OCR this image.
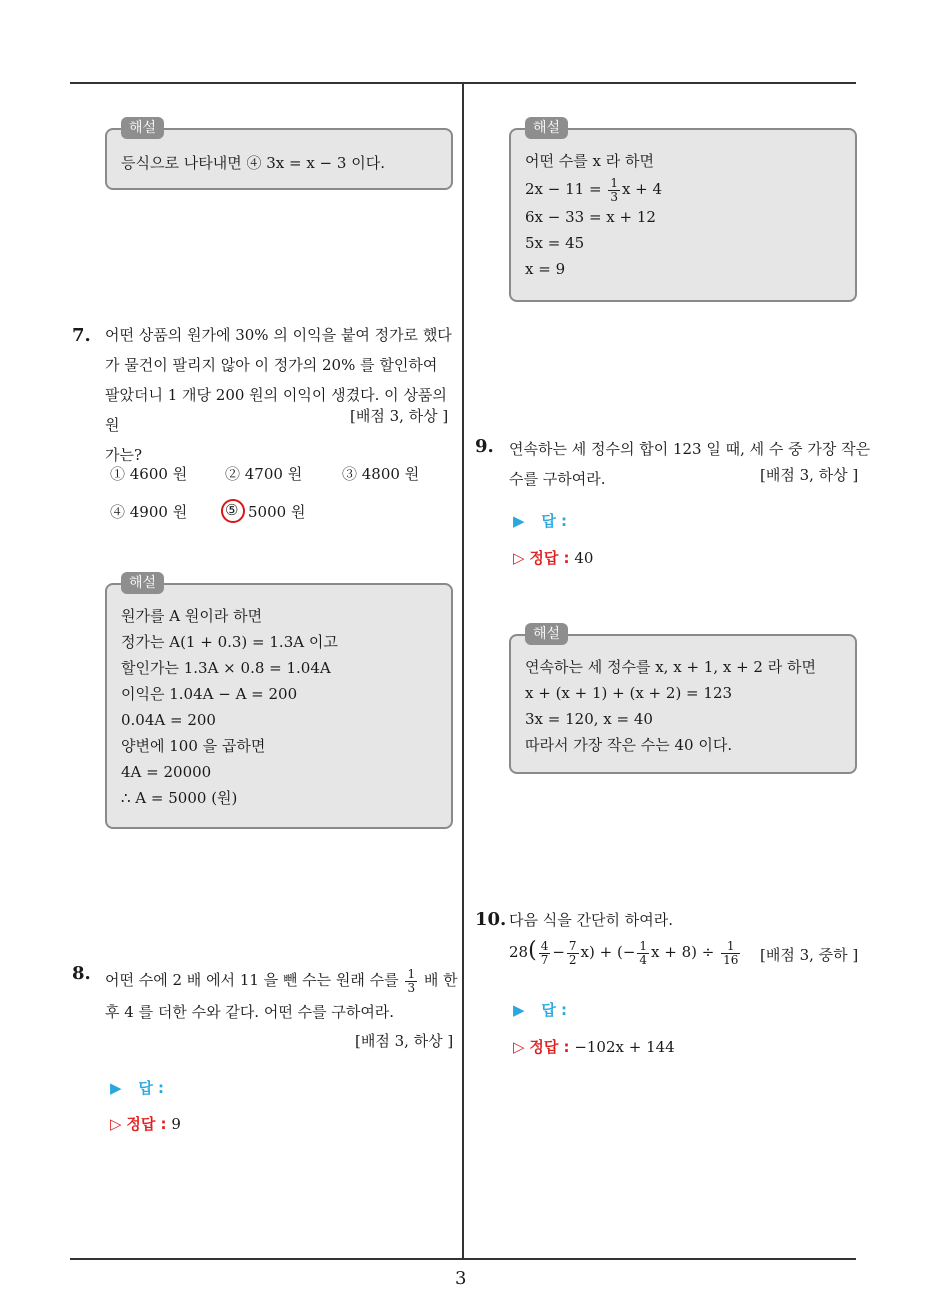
3
해설
등식으로 나타내면 ④ 3x = x − 3 이다.
7. 어떤 상품의 원가에 30% 의 이익을 붙여 정가로 했다
가 물건이 팔리지 않아 이 정가의 20% 를 할인하여
팔았더니 1 개당 200 원의 이익이 생겼다. 이 상품의 원
가는?
[배점 3, 하상 ]
① 4600 원	② 4700 원	③ 4800 원
④ 4900 원	⑤ 5000 원
해설
원가를 A 원이라 하면
정가는 A(1 + 0.3) = 1.3A 이고
할인가는 1.3A × 0.8 = 1.04A
이익은 1.04A − A = 200
0.04A = 200
양변에 100 을 곱하면
4A = 20000
∴ A = 5000 (원)
8. 어떤 수에 2 배 에서 11 을 뺀 수는 원래 수를 $\frac{1}{3}$ 배 한
후 4 를 더한 수와 같다. 어떤 수를 구하여라.
[배점 3, 하상 ]
▶ 답 :
▷ 정답 : 9
해설
어떤 수를 x 라 하면
$2x - 11 = \frac{1}{3}$ x + 4
6x − 33 = x + 12
5x = 45
x = 9
9. 연속하는 세 정수의 합이 123 일 때, 세 수 중 가장 작은
수를 구하여라.	[배점 3, 하상 ]
▶ 답 :
▷ 정답 : 40
해설
연속하는 세 정수를 x, x + 1, x + 2 라 하면
x + (x + 1) + (x + 2) = 123
3x = 120, x = 40
따라서 가장 작은 수는 40 이다.
10. 다음 식을 간단히 하여라.
$28( \frac{4}{7} - \frac{7}{2} x)$ + (− $\frac{1}{4}$ $x + 8) \div \frac{1}{16}$ [배점 3, 중하 ]
▶ 답 :
▷ 정답 : −102x + 144
